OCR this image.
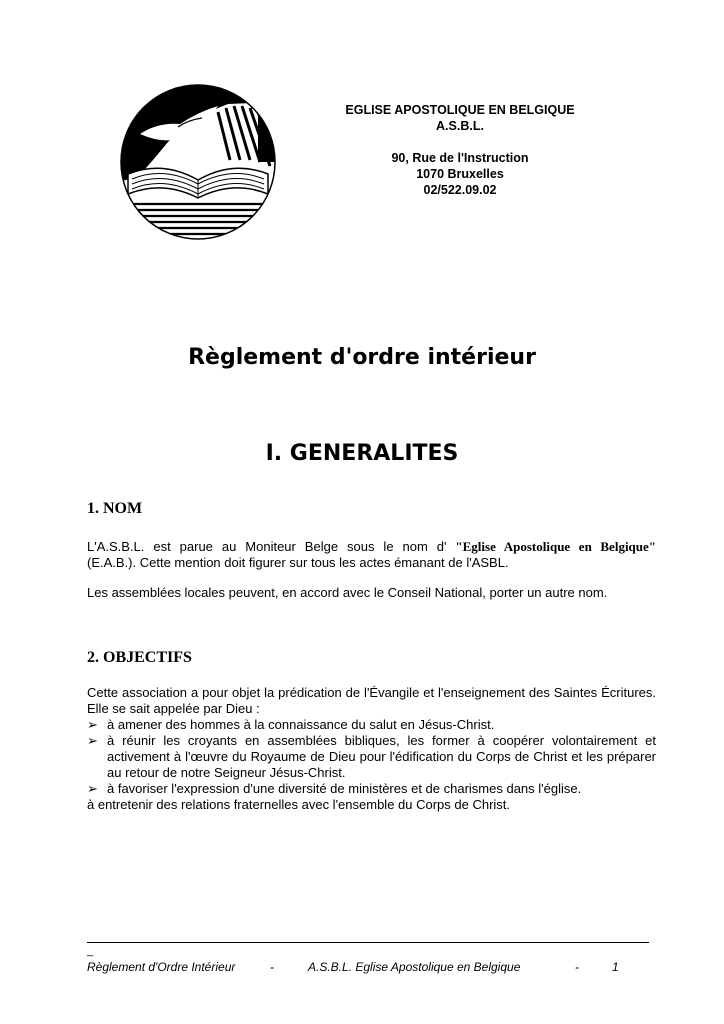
EGLISE APOSTOLIQUE EN BELGIQUE
A.S.B.L.
90, Rue de l'Instruction
1070 Bruxelles
02/522.09.02
Règlement d'ordre intérieur
I. GENERALITES
1. NOM
L'A.S.B.L. est parue au Moniteur Belge sous le nom d' "Eglise Apostolique en Belgique"
(E.A.B.). Cette mention doit figurer sur tous les actes émanant de l'ASBL.
Les assemblées locales peuvent, en accord avec le Conseil National, porter un autre nom.
2. OBJECTIFS
Cette association a pour objet la prédication de l'Évangile et l'enseignement des Saintes Écritures. Elle se sait appelée par Dieu :
➢ à amener des hommes à la connaissance du salut en Jésus-Christ.
➢ à réunir les croyants en assemblées bibliques, les former à coopérer volontairement et activement à l'œuvre du Royaume de Dieu pour l'édification du Corps de Christ et les préparer au retour de notre Seigneur Jésus-Christ.
➢ à favoriser l'expression d'une diversité de ministères et de charismes dans l'église.
à entretenir des relations fraternelles avec l'ensemble du Corps de Christ.
_
Règlement d'Ordre Intérieur	-	A.S.B.L. Eglise Apostolique en Belgique	-	1
